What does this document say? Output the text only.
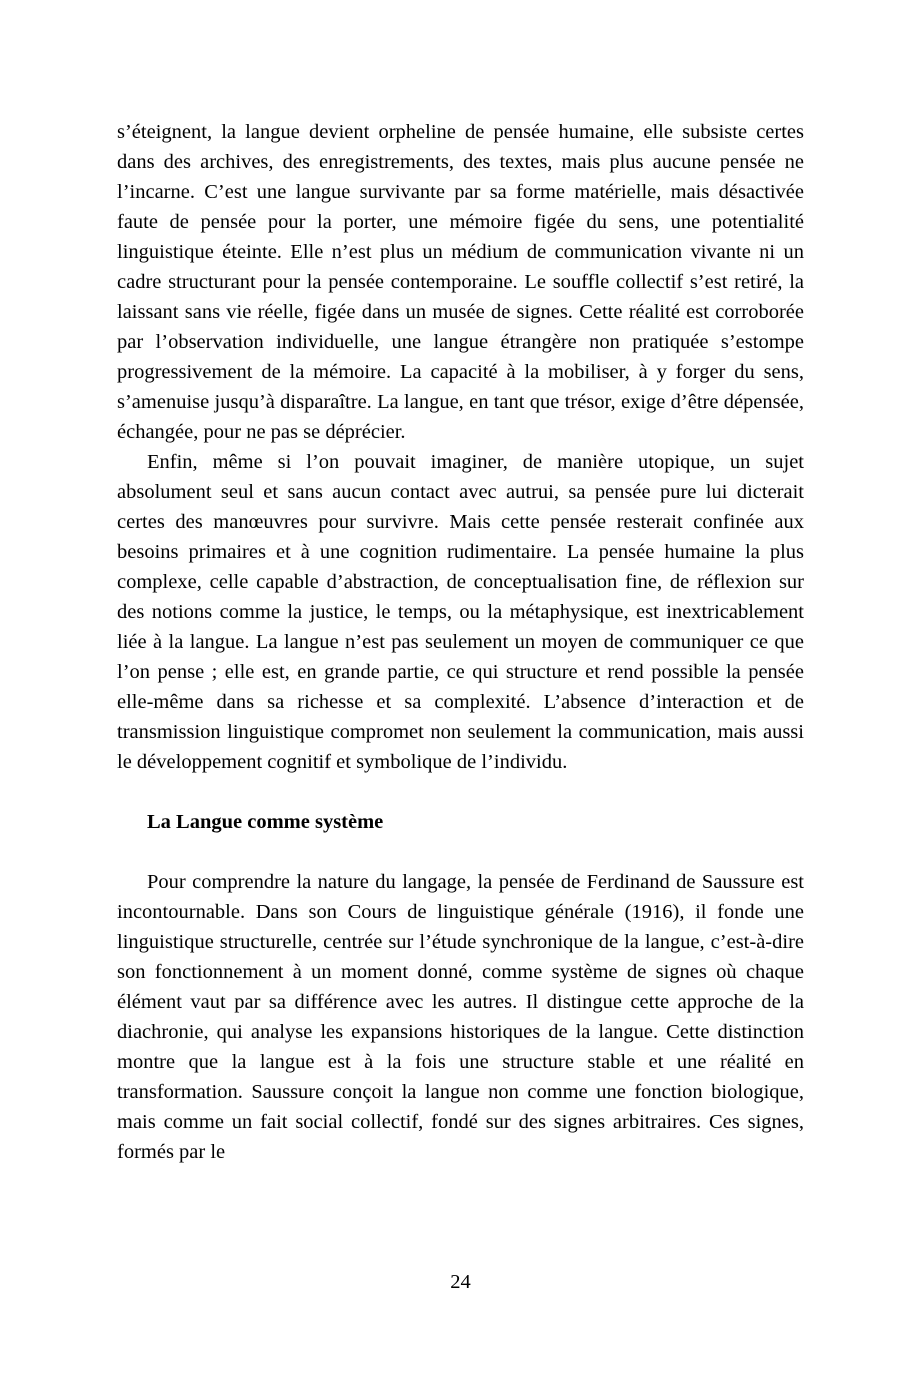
s’éteignent, la langue devient orpheline de pensée humaine, elle subsiste certes dans des archives, des enregistrements, des textes, mais plus aucune pensée ne l’incarne. C’est une langue survivante par sa forme matérielle, mais désactivée faute de pensée pour la porter, une mémoire figée du sens, une potentialité linguistique éteinte. Elle n’est plus un médium de communication vivante ni un cadre structurant pour la pensée contemporaine. Le souffle collectif s’est retiré, la laissant sans vie réelle, figée dans un musée de signes. Cette réalité est corroborée par l’observation individuelle, une langue étrangère non pratiquée s’estompe progressivement de la mémoire. La capacité à la mobiliser, à y forger du sens, s’amenuise jusqu’à disparaître. La langue, en tant que trésor, exige d’être dépensée, échangée, pour ne pas se déprécier.

Enfin, même si l’on pouvait imaginer, de manière utopique, un sujet absolument seul et sans aucun contact avec autrui, sa pensée pure lui dicterait certes des manœuvres pour survivre. Mais cette pensée resterait confinée aux besoins primaires et à une cognition rudimentaire. La pensée humaine la plus complexe, celle capable d’abstraction, de conceptualisation fine, de réflexion sur des notions comme la justice, le temps, ou la métaphysique, est inextricablement liée à la langue. La langue n’est pas seulement un moyen de communiquer ce que l’on pense ; elle est, en grande partie, ce qui structure et rend possible la pensée elle-même dans sa richesse et sa complexité. L’absence d’interaction et de transmission linguistique compromet non seulement la communication, mais aussi le développement cognitif et symbolique de l’individu.

La Langue comme système

Pour comprendre la nature du langage, la pensée de Ferdinand de Saussure est incontournable. Dans son Cours de linguistique générale (1916), il fonde une linguistique structurelle, centrée sur l’étude synchronique de la langue, c’est-à-dire son fonctionnement à un moment donné, comme système de signes où chaque élément vaut par sa différence avec les autres. Il distingue cette approche de la diachronie, qui analyse les expansions historiques de la langue. Cette distinction montre que la langue est à la fois une structure stable et une réalité en transformation. Saussure conçoit la langue non comme une fonction biologique, mais comme un fait social collectif, fondé sur des signes arbitraires. Ces signes, formés par le

24
